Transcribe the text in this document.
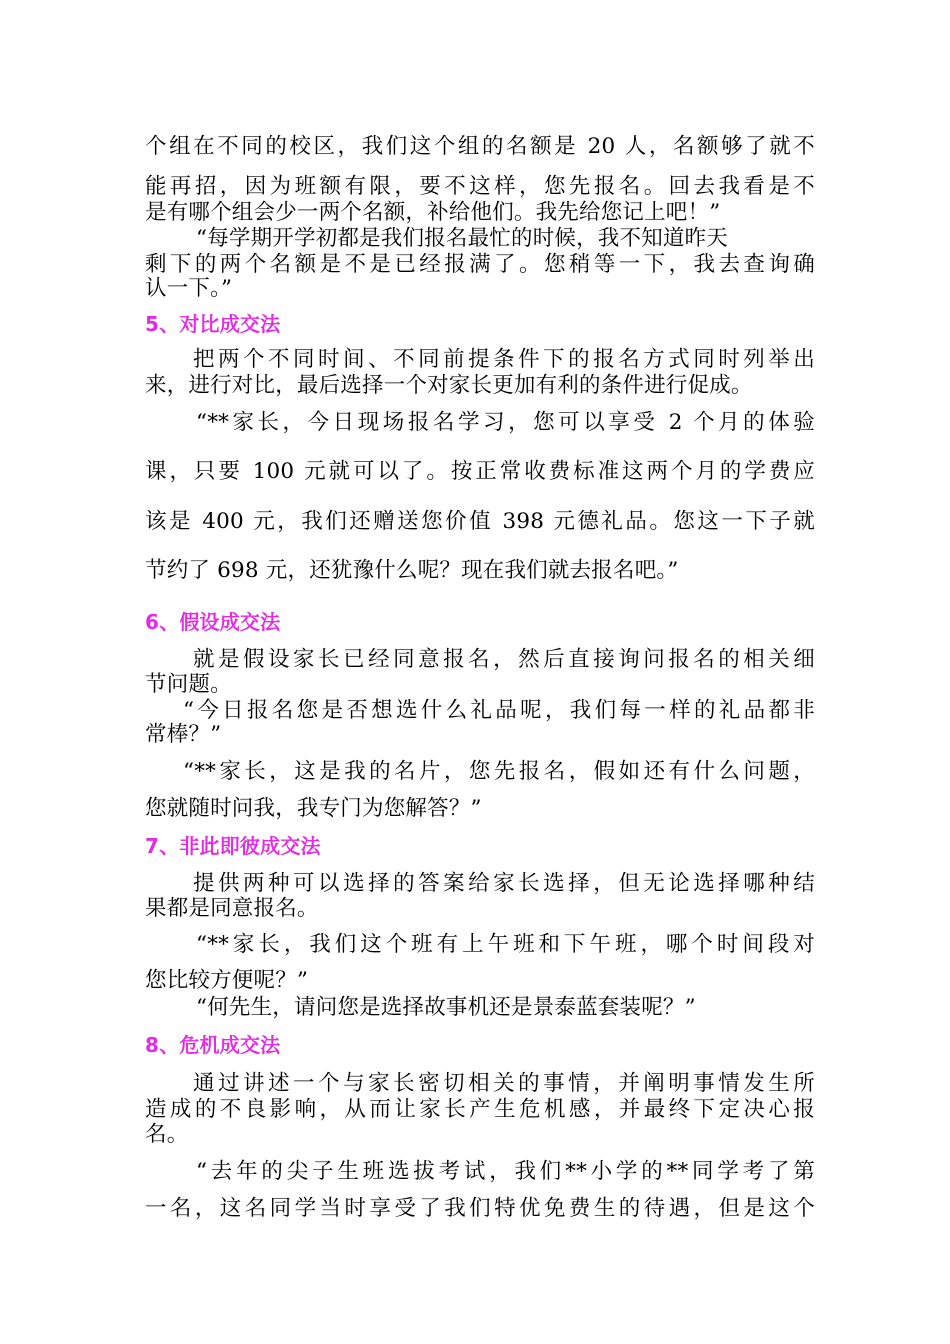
个组在不同的校区，我们这个组的名额是 20 人，名额够了就不
能再招，因为班额有限，要不这样，您先报名。回去我看是不
是有哪个组会少一两个名额，补给他们。我先给您记上吧！”
“每学期开学初都是我们报名最忙的时候，我不知道昨天
剩下的两个名额是不是已经报满了。您稍等一下，我去查询确
认一下。”
5、对比成交法
把两个不同时间、不同前提条件下的报名方式同时列举出
来，进行对比，最后选择一个对家长更加有利的条件进行促成。
“**家长，今日现场报名学习，您可以享受 2 个月的体验
课，只要 100 元就可以了。按正常收费标准这两个月的学费应
该是 400 元，我们还赠送您价值 398 元德礼品。您这一下子就
节约了 698 元，还犹豫什么呢？现在我们就去报名吧。”
6、假设成交法
就是假设家长已经同意报名，然后直接询问报名的相关细
节问题。
“今日报名您是否想选什么礼品呢，我们每一样的礼品都非
常棒？”
“**家长，这是我的名片，您先报名，假如还有什么问题，
您就随时问我，我专门为您解答？”
7、非此即彼成交法
提供两种可以选择的答案给家长选择，但无论选择哪种结
果都是同意报名。
“**家长，我们这个班有上午班和下午班，哪个时间段对
您比较方便呢？”
“何先生，请问您是选择故事机还是景泰蓝套装呢？”
8、危机成交法
通过讲述一个与家长密切相关的事情，并阐明事情发生所
造成的不良影响，从而让家长产生危机感，并最终下定决心报
名。
“去年的尖子生班选拔考试，我们**小学的**同学考了第
一名，这名同学当时享受了我们特优免费生的待遇，但是这个
